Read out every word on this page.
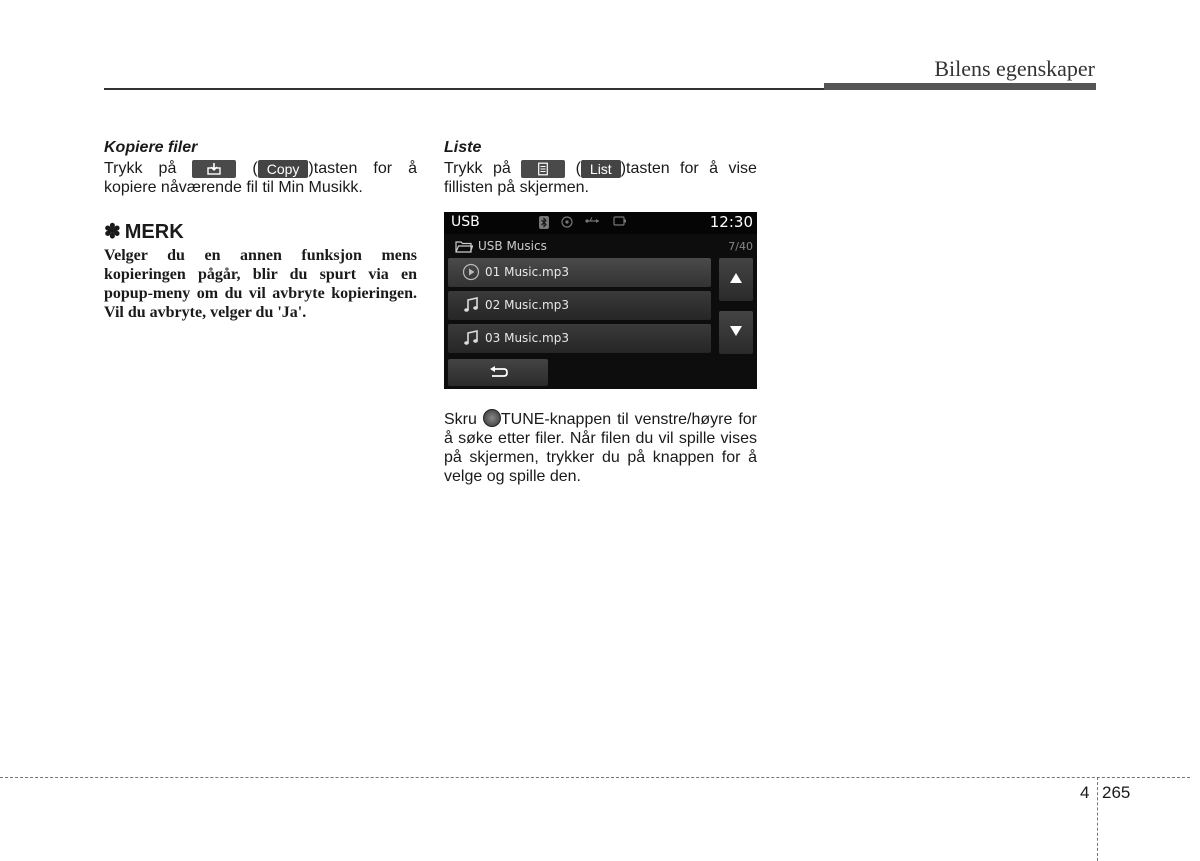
Bilens egenskaper

Kopiere filer

Trykk på	( Copy )tasten for å

kopiere nåværende fil til Min Musikk.

✽ MERK

Velger du en annen funksjon mens kopieringen pågår, blir du spurt via en popup-meny om du vil avbryte kopieringen. Vil du avbryte, velger du 'Ja'.

Liste

Trykk på	( List )tasten for å vise

fillisten på skjermen.

USB	12:30
USB Musics	7/40
01 Music.mp3
02 Music.mp3
03 Music.mp3

Skru TUNE-knappen til venstre/høyre for å søke etter filer. Når filen du vil spille vises på skjermen, trykker du på knappen for å velge og spille den.

4 265
